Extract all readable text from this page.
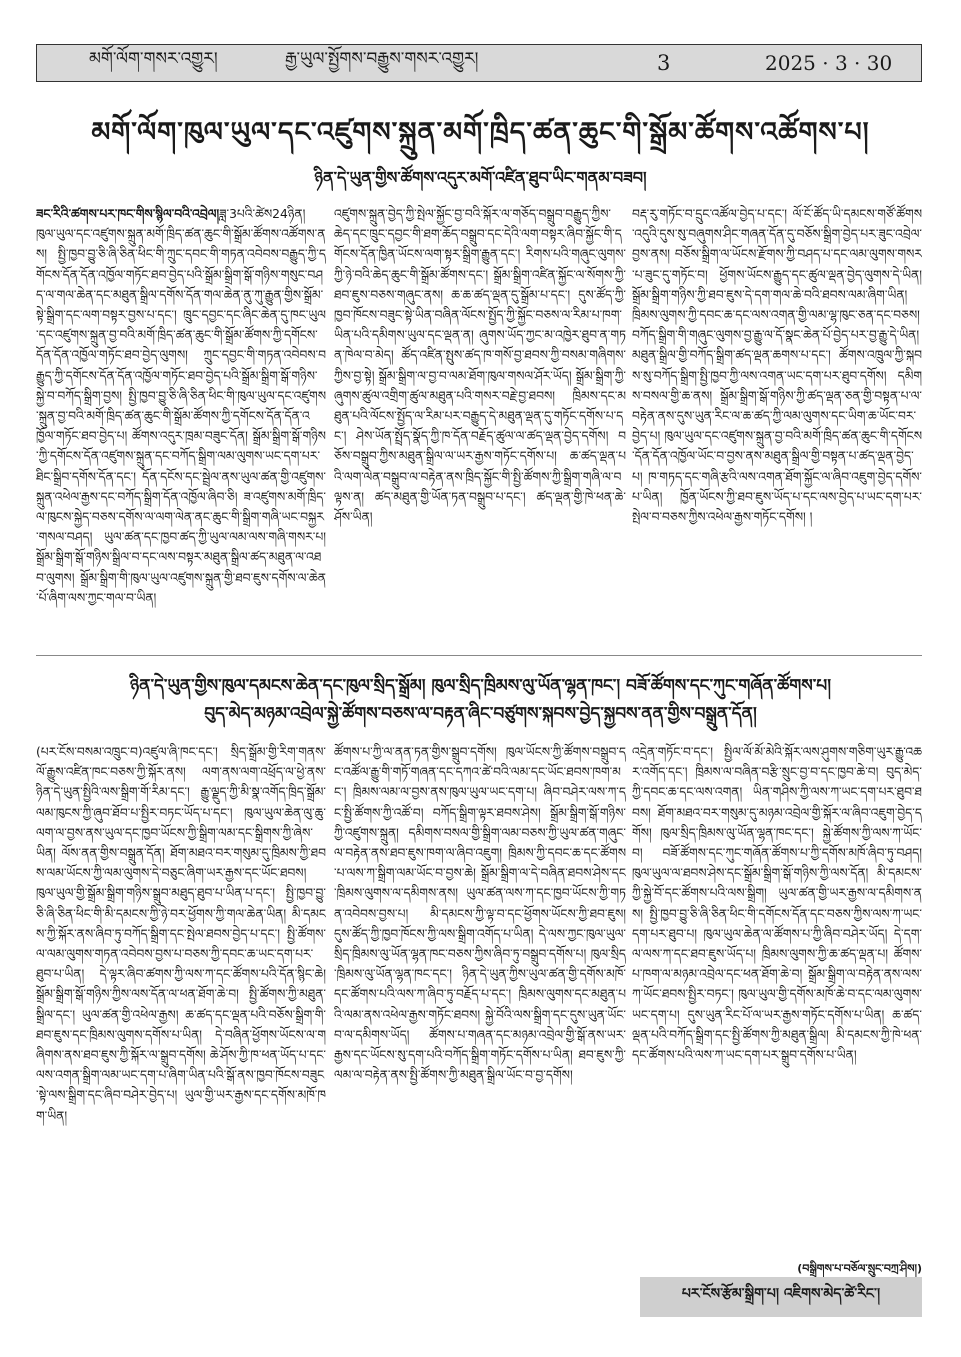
མགོ་ལོག་གསར་འགྱུར།	རྒྱ་ཡུལ་སྤྱོགས་བརྒྱུས་གསར་འགྱུར།	3	2025 · 3 · 30
མགོ་ལོག་ཁུལ་ཡུལ་དང་འཛུགས་སྐྲུན་མགོ་ཁྲིད་ཚན་ཆུང་གི་སྒྲོམ་ཚོགས་འཚོགས་པ།
ཉིན་དེ་ཡུན་གྱིས་ཚོགས་འདུར་མགོ་འཛིན་ཐུབ་ཡིང་གནམ་བཟབ།

ཟང་རིའི་ཚགས་པར་ཁང་གིས་སྙིལ་བའི་འབྲེལ།ཟླ་3པའི་ཚེས24ཉིན། ཁུལ་ཡུལ་དང་འཛུགས་སྐྲུན་མགོ་ཁྲིད་ཚན་ཆུང་གི་སྒྲོམ་ཚོགས་འཚོགས་ནས། སྤྱི་ཁྱབ་བྱུ་ཅི་ཞི་ཅིན་ཕིང་གི་ཀྲུང་དབང་གི་གཏན་འབེབས་བརྒྱུད་ཀྱི་དགོངས་དོན་དོན་འཁྱོལ་གཏོང་ཐབ་བྱེད་པའི་སྒྲོམ་སྒྲིག་སྒོ་གཉིས་གསུང་བཤད་ལ་གལ་ཆེན་དང་མཐུན་སྒྲིལ་དགོས་དོན་གལ་ཆེན་ནུ་ཀུ་རྒྱུན་གྱིས་སྒྲོམ་སྟེ་སྒྲིག་དང་ལག་བསྟར་བྱས་པ་དང་། ཁྲུང་དབྱང་དང་ཞིང་ཆེན་དུ་ཁང་ཡུལ་དང་འཛུགས་སྐྲུན་བྱ་བའི་མགོ་ཁྲིད་ཚན་ཆུང་གི་སྒྲོམ་ཚོགས་ཀྱི་དགོངས་དོན་དོན་འཁྱོལ་གཏོང་ཐབ་བྱེད་ལུགས། ཀྲུང་དབྱང་གི་གཏན་འབེབས་བརྒྱུད་ཀྱི་དགོངས་དོན་དོན་འཁྱོལ་གཏོང་ཐབ་བྱེད་པའི་སྒྲོམ་སྒྲིག་སྒོ་གཉིས་སྐྱེ་བ་བཀོད་སྒྲིག་བྱས། སྤྱི་ཁྱབ་བྱུ་ཅི་ཞི་ཅིན་ཕིང་གི་ཁུལ་ཡུལ་དང་འཛུགས་སྐྲུན་བྱ་བའི་མགོ་ཁྲིད་ཚན་ཆུང་གི་སྒྲོམ་ཚོགས་ཀྱི་དགོངས་དོན་དོན་འཁྱོལ་གཏོང་ཐབ་བྱེད་པ། ཚོགས་འདུར་ཁྲམ་བཟུང་དོན། སྒྲོམ་སྒྲིག་སྒོ་གཉིས་ཀྱི་དགོངས་དོན་འཛུགས་སྐྲུན་དང་བཀོད་སྒྲིག་ལམ་ལུགས་ཡང་དག་པར་ཐིང་སྒྲིབ་དགོས་དོན་དང་། དོན་དངོས་དང་སྦྲེལ་ནས་ཡུལ་ཚན་གྱི་འཛུགས་སྐྲུན་འཕེལ་རྒྱས་དང་བཀོད་སྒྲིག་དོན་འཁྱོལ་ཞིབ་ཅི། ཟ་འཛུགས་མགོ་ཁྲིད་ལ་ཁུངས་སྐྱེད་བཅས་དགོས་ལ་ལག་ལེན་ནང་ཆུང་གི་སྒྲིག་གཞི་ཡང་བསྐྱར་གསལ་བཤད། ཡུལ་ཚན་དང་ཁྱབ་ཚད་ཀྱི་ཡུལ་ལམ་ལས་གཞི་གསར་པ། སྒྲོམ་སྒྲིག་སྒོ་གཉིས་སྒྲིལ་བ་དང་ལས་བསྟར་མཐུན་སྒྲིལ་ཚད་མཐུན་ལ་འཐབ་ལུགས། སྒྲོམ་སྒྲིག་གི་ཁུལ་ཡུལ་འཛུགས་སྐྲུན་གྱི་ཐབ་ཇུས་དགོས་ལ་ཆེན་པོ་ཞིག་ལས་ཀྱང་གལ་བ་ཡིན།

འཛུགས་སྐྲུན་བྱེད་ཀྱི་སྤེལ་སྐྱོང་བྱ་བའི་སྐོར་ལ་གཅོད་བསྒྲུབ་བརྒྱུད་ཀྱིས་ཆེད་དང་ཁྲུང་དབྱང་གི་ཐག་ཆོད་བསྒྲུབ་དང་དེའི་ལག་བསྟར་ཞིབ་སྐྱོང་གི་དགོངས་དོན་ཁྱིན་ཡོངས་ལག་སྟར་སྒྲིག་རྒྱུན་དང་། རིགས་པའི་གཞུང་ལུགས་ཀྱི་ཉེ་བའི་ཆེད་ཆུང་གི་སྒྲོམ་ཚོགས་དང་། སྒྲོམ་སྒྲིག་འཛིན་སྐྱོང་ལ་སོགས་ཀྱི་ཐབ་ཇུས་བཅས་གཞུང་ནས། ཆ་ཆ་ཚད་ལྡན་དུ་སྒྲོམ་པ་དང་། དུས་ཚོད་ཀྱི་ཁྱབ་ཁོངས་བཟུང་སྟེ་ཡིན་བཞིན་ལོངས་སྤྱོད་ཀྱི་སྐྱོང་བཅས་ལ་རིམ་པ་ཁག་ཡིན་པའི་དམིགས་ཡུལ་དང་ལྡན་ན། ཞུགས་ཡོད་ཀྱང་མ་འཁྱེར་ཐུབ་ན་གཏན་ཁེལ་བ་མེད། ཚོད་འཛིན་སྤུས་ཚད་ཁ་གསོ་བྱ་ཐབས་ཀྱི་བསམ་གཞིགས་ཀྱིས་བྱ་སྟེ། སྒྲོམ་སྒྲིག་ལ་བྱ་བ་ལམ་ཐོག་ཁུལ་གསལ་ཤོར་ཡོད། སྒྲོམ་སྒྲིག་ཀྱི་ཞུགས་ཚུལ་འགྲིག་ཚུལ་མཐུན་པའི་གསར་བརྗེ་བྱ་ཐབས། ཁྲིམས་དང་མཐུན་པའི་ལོངས་སྤྱོད་ལ་རིམ་པར་བརྒྱུད་དེ་མཐུན་ལྡན་དུ་གཏོང་དགོས་པ་དང་། ཤེས་ཡོན་སྤྲོད་སྣོད་ཀྱི་ཁ་དོན་བརྗོད་ཚུལ་ལ་ཚད་ལྡན་བྱེད་དགོས། བཅོས་བསྒྲུབ་ཀྱིས་མཐུན་སྒྲིལ་ལ་ཡར་རྒྱས་གཏོང་དགོས་པ། ཆ་ཚད་ལྡན་པའི་ལག་ལེན་བསྒྲུབ་ལ་བརྟེན་ནས་ཁྲིད་སྐྱོང་གི་སྤྱི་ཚོགས་ཀྱི་སྒྲིག་གཞི་ལ་བལྟས་ན། ཚད་མཐུན་གྱི་ཡོན་ཏན་བསྒྲུབ་པ་དང་། ཚད་ལྡན་གྱི་ཁེ་ཕན་ཆེ་ཤོས་ཡིན།

བརྡ་རུ་གཏོང་བ་དྲུང་འཚོལ་བྱེད་པ་དང་། ལོ་ངོ་ཚོད་ཡི་དམངས་གཙོ་ཚོགས་འདུའི་དུས་སུ་བཞུགས་ཤིང་གཞན་དོན་དུ་བཅོས་སྒྲིག་བྱེད་པར་ཟུང་འབྲེལ་བྱས་ནས། བཅོས་སྒྲིག་ལ་ཡོངས་རྫོགས་ཀྱི་བཤད་པ་དང་ལམ་ལུགས་གསར་པ་ཟུང་དུ་གཏོང་བ། ཕྱོགས་ཡོངས་རྒྱུད་དང་ཚུལ་ལྡན་བྱེད་ལུགས་དེ་ཡིན། སྒྲོམ་སྒྲིག་གཉིས་ཀྱི་ཐབ་ཇུས་དེ་དག་གལ་ཆེ་བའི་ཐབས་ལམ་ཞིག་ཡིན། ཁྲིམས་ལུགས་ཀྱི་དབང་ཆ་དང་ལས་འགན་གྱི་ལམ་ལྷ་ཁུང་ཅན་དང་བཅས། བཀོད་སྒྲིག་གི་གཞུང་ལུགས་བྱ་རྒྱུ་ལ་དོ་སྣང་ཆེན་པོ་བྱེད་པར་བྱ་རྒྱུ་དེ་ཡིན། མཐུན་སྒྲིལ་གྱི་བཀོད་སྒྲིག་ཚད་ལྡན་ཆགས་པ་དང་། ཚོགས་འཁྲུལ་ཀྱི་སྐབས་སུ་བཀོད་སྒྲིག་སྤྱི་ཁྱབ་ཀྱི་ལས་འགན་ཡང་དག་པར་ཐུབ་དགོས། དམིགས་བསལ་གྱི་ཆ་ནས། སྒྲོམ་སྒྲིག་སྒོ་གཉིས་ཀྱི་ཚད་ལྡན་ཅན་གྱི་བསྟན་པ་ལ་བརྟེན་ནས་དུས་ཡུན་རིང་ལ་ཆ་ཚད་ཀྱི་ལམ་ལུགས་དང་ཡིག་ཆ་ཡོང་བར་བྱེད་པ། ཁུལ་ཡུལ་དང་འཛུགས་སྐྲུན་བྱ་བའི་མགོ་ཁྲིད་ཚན་ཆུང་གི་དགོངས་དོན་དོན་འཁྱོལ་ཡོང་བ་བྱས་ནས་མཐུན་སྒྲིལ་གྱི་བསྟན་པ་ཚད་ལྡན་བྱེད་པ། ཁ་གཏད་དང་གཞི་རྩའི་ལས་འགན་ཐོག་སྐྱོང་ལ་ཞིབ་འཇུག་བྱེད་དགོས་པ་ཡིན། ཁྱོན་ཡོངས་ཀྱི་ཐབ་ཇུས་ཡོད་པ་དང་ལས་བྱེད་པ་ཡང་དག་པར་སྤེལ་བ་བཅས་ཀྱིས་འཕེལ་རྒྱས་གཏོང་དགོས། །

ཉིན་དེ་ཡུན་གྱིས་ཁུལ་དམངས་ཆེན་དང་ཁུལ་སྲིད་སྒྲོམ། ཁུལ་སྲིད་ཁྲིམས་ལུ་ཡོན་ལྷན་ཁང་། བཟོ་ཚོགས་དང་ཀུང་གཞོན་ཚོགས་པ།
བུད་མེད་མཉམ་འབྲེལ་སྐྱེ་ཚོགས་བཅས་ལ་བརྟན་ཞིང་བཙུགས་སྐབས་བྱེད་སྐྱབས་ནན་གྱིས་བསྒྲུན་དོན།

(པར་ངོས་བསམ་འཁྲུང་བ)འཛུལ་ཞི་ཁང་དང་། སྲིད་སྒྲོམ་གྱི་རིག་གནས་ལོ་རྒྱུས་འཛིན་ཁང་བཅས་ཀྱི་སྐོར་ནས། ལག་ནས་ལག་འཕྲོད་ལ་ཕྱེ་ནས་ཉིན་དེ་ཡུན་སྤྱིའི་ལས་སྒྲིག་གོ་རིམ་དང་། རྒྱུ་ལྗུད་ཀྱི་མི་སྣ་འགོད་ཁྲིད་སྒྲོམ་ལམ་ཁུངས་ཀྱི་ཞུབ་ཐོབ་པ་སྤྱིར་བཏང་ཡོད་པ་དང་། ཁུལ་ཡུལ་ཆེན་ལུ་ཆུ་ལག་ལ་བྱས་ནས་ཡུལ་དང་ཁྱབ་ཡོངས་ཀྱི་སྒྲིག་ལམ་དང་སྒྲིགས་ཀྱི་ཞེས་ཡིན། ལོས་ནན་གྱིས་བསྒྲུན་དོན། ཐོག་མཐའ་བར་གསུམ་དུ་ཁྲིམས་ཀྱི་ཐབས་ལམ་ཡོངས་ཀྱི་ལམ་ལུགས་དེ་བཅུང་ཞིག་ཡར་རྒྱས་དང་ཡོང་ཐབས། ཁུལ་ཡུལ་གྱི་སྒྲོམ་སྒྲིག་གཉིས་སྒྲུབ་མཐུད་ཐུབ་པ་ཡིན་པ་དང་། སྤྱི་ཁྱབ་བྱུ་ཅི་ཞི་ཅིན་ཕིང་གི་མི་དམངས་ཀྱི་ཉེ་བར་ཕྱོགས་ཀྱི་གལ་ཆེན་ཡིན། མི་དམངས་ཀྱི་སྐོར་ནས་ཞིབ་ཏུ་བཀོད་སྒྲིག་དང་སྤེལ་ཐབས་བྱེད་པ་དང་། སྤྱི་ཚོགས་ལ་ལམ་ལུགས་གཏན་འབེབས་བྱས་པ་བཅས་ཀྱི་དབང་ཆ་ཡང་དག་པར་ཐུབ་པ་ཡིན། དེ་ལྟར་ཞིབ་ཚགས་ཀྱི་ལས་ཀ་དང་ཚོགས་པའི་དོན་སྙིང་ཆེ། སྒྲོམ་སྒྲིག་སྒོ་གཉིས་ཀྱིས་ལས་དོན་ལ་ཕན་ཐོག་ཆེ་བ། སྤྱི་ཚོགས་ཀྱི་མཐུན་སྒྲིལ་དང་། ཡུལ་ཚན་གྱི་འཕེལ་རྒྱས། ཆ་ཚད་དང་ལྡན་པའི་བཅོས་སྒྲིག་གི་ཐབ་ཇུས་དང་ཁྲིམས་ལུགས་དགོས་པ་ཡིན། དེ་བཞིན་ཕྱོགས་ཡོངས་ལ་གཞིགས་ནས་ཐབ་ཇུས་ཀྱི་སྐོར་ལ་སྒྲུབ་དགོས། ཆེ་ཤོས་ཀྱི་ཁ་ཕན་ཡོད་པ་དང་ལས་འགན་སྒྲིག་ལམ་ཡང་དག་པ་ཞིག་ཡིན་པའི་སྒོ་ནས་ཁྱབ་ཁོངས་བཟུང་སྟེ་ལས་སྒྲིག་དང་ཞིབ་བཤེར་བྱེད་པ། ཡུལ་གྱི་ཡར་རྒྱས་དང་དགོས་མཁོ་ཁག་ཡིན།

ཚོགས་པ་ཀྱི་ལ་ནན་ཏན་གྱིས་སྒྲུབ་དགོས། ཁུལ་ཡོངས་ཀྱི་ཚོགས་བསྒྲུབ་དང་འཚོལ་རྒྱུ་གི་གཏོ་གཞན་དང་དཀའ་ཚེ་བའི་ལམ་དང་ཡོང་ཐབས་ཁག་མང་། ཁྲིམས་ལམ་ལ་བྱས་ནས་ཁུལ་ཡུལ་ཡང་དག་པ། ཞིབ་བཤེར་ལས་ཀ་དང་སྤྱི་ཚོགས་ཀྱི་འཚོ་བ། བཀོད་སྒྲིག་ལྟར་ཐབས་ཤེས། སྒྲོམ་སྒྲིག་སྒོ་གཉིས་ཀྱི་འཛུགས་སྐྲུན། དམིགས་བསལ་གྱི་སྒྲིག་ལམ་བཅས་ཀྱི་ཡུལ་ཚན་གཞུང་ལ་བརྟེན་ནས་ཐབ་ཇུས་ཁག་ལ་ཞིབ་འཇུག། ཁྲིམས་ཀྱི་དབང་ཆ་དང་ཚོགས་པ་ལས་ཀ་སྒྲིག་ལམ་ཡོང་བ་བྱས་ཆེ། སྒྲོམ་སྒྲིག་ལ་དེ་བཞིན་ཐབས་ཤེས་དང་ཁྲིམས་ལུགས་ལ་དམིགས་ནས། ཡུལ་ཚན་ལས་ཀ་དང་ཁྱབ་ཡོངས་ཀྱི་གཏན་འབེབས་བྱས་པ། མི་དམངས་ཀྱི་ལྟ་བ་དང་ཕྱོགས་ཡོངས་ཀྱི་ཐབ་ཇུས། དུས་ཚོད་ཀྱི་ཁྱབ་ཁོངས་ཀྱི་ལས་སྒྲིག་འགོད་པ་ཡིན། དེ་ལས་ཀྱང་ཁུལ་ཡུལ་སྲིད་ཁྲིམས་ལུ་ཡོན་ལྷན་ཁང་བཅས་ཀྱིས་ཞིབ་ཏུ་བསྒྲུབ་དགོས་པ། ཁུལ་སྲིད་ཁྲིམས་ལུ་ཡོན་ལྷན་ཁང་དང་། ཉིན་དེ་ཡུན་ཀྱིས་ཡུལ་ཚན་གྱི་དགོས་མཁོ་དང་ཚོགས་པའི་ལས་ཀ་ཞིབ་ཏུ་བརྗོད་པ་དང་། ཁྲིམས་ལུགས་དང་མཐུན་པའི་ལམ་ནས་འཕེལ་རྒྱས་གཏོང་ཐབས། སྐྱེ་བོའི་ལས་སྒྲིག་དང་དུས་ཡུན་ཡོང་བ་ལ་དམིགས་ཡོད། ཚོགས་པ་གཞན་དང་མཉམ་འབྲེལ་གྱི་སྒོ་ནས་ཡར་རྒྱས་དང་ཡོངས་སུ་དག་པའི་བཀོད་སྒྲིག་གཏོང་དགོས་པ་ཡིན། ཐབ་ཇུས་ཀྱི་ལམ་ལ་བརྟེན་ནས་སྤྱི་ཚོགས་ཀྱི་མཐུན་སྒྲིལ་ཡོང་བ་བྱ་དགོས།

འདྲེན་གཏོང་བ་དང་། སྤྱིལ་ལོ་མོ་མེའི་སྐོར་ལས་ཤུགས་གཅིག་ཡུར་རྒྱུ་འཆར་འགོད་དང་། ཁྲིམས་ལ་བཞིན་བརྩི་སྲུང་བྱ་བ་དང་ཁྱབ་ཆེ་བ། བུད་མེད་ཀྱི་དབང་ཆ་དང་ལས་འགན། ཡིན་གཤིས་ཀྱི་ལས་ཀ་ཡང་དག་པར་ཐུབ་ཐབས། ཐོག་མཐའ་བར་གསུམ་དུ་མཉམ་འབྲེལ་གྱི་སྐོར་ལ་ཞིབ་འཇུག་བྱེད་དགོས། ཁུལ་སྲིད་ཁྲིམས་ལུ་ཡོན་ལྷན་ཁང་དང་། སྐྱེ་ཚོགས་ཀྱི་ལས་ཀ་ཡོང་བ། བཟོ་ཚོགས་དང་ཀུང་གཞོན་ཚོགས་པ་ཀྱི་དགོས་མཁོ་ཞིབ་ཏུ་བཤད། ཁུལ་ཡུལ་ལ་ཐབས་ཤེས་དང་སྒྲོམ་སྒྲིག་སྒོ་གཉིས་ཀྱི་ལས་དོན། མི་དམངས་ཀྱི་སྐྱེ་བོ་དང་ཚོགས་པའི་ལས་སྒྲིག། ཡུལ་ཚན་གྱི་ཡར་རྒྱས་ལ་དམིགས་ནས། སྤྱི་ཁྱབ་བྱུ་ཅི་ཞི་ཅིན་ཕིང་གི་དགོངས་དོན་དང་བཅས་ཀྱིས་ལས་ཀ་ཡང་དག་པར་ཐུབ་པ། ཁུལ་ཡུལ་ཆེན་ལ་ཚོགས་པ་ཀྱི་ཞིབ་བཤེར་ཡོད། དེ་དག་ལ་ལས་ཀ་དང་ཐབ་ཇུས་ཡོད་པ། ཁྲིམས་ལུགས་ཀྱི་ཆ་ཚད་ལྡན་པ། ཚོགས་པ་ཁག་ལ་མཉམ་འབྲེལ་དང་ཕན་ཐོག་ཆེ་བ། སྒྲོམ་སྒྲིག་ལ་བརྟེན་ནས་ལས་ཀ་ཡོང་ཐབས་སྤྱིར་བཏང་། ཁུལ་ཡུལ་གྱི་དགོས་མཁོ་ཆེ་བ་དང་ལམ་ལུགས་ཡང་དག་པ། དུས་ཡུན་རིང་པོ་ལ་ཡར་རྒྱས་གཏོང་དགོས་པ་ཡིན། ཆ་ཚད་ལྡན་པའི་བཀོད་སྒྲིག་དང་སྤྱི་ཚོགས་ཀྱི་མཐུན་སྒྲིལ། མི་དམངས་ཀྱི་ཁེ་ཕན་དང་ཚོགས་པའི་ལས་ཀ་ཡང་དག་པར་སྒྲུབ་དགོས་པ་ཡིན།

(བསྒྲིགས་པ་བཅོལ་སྲུང་བཀྲ་ཤིས།)
པར་ངོས་རྩོམ་སྒྲིག་པ། འཇིགས་མེད་ཚེ་རིང་།
